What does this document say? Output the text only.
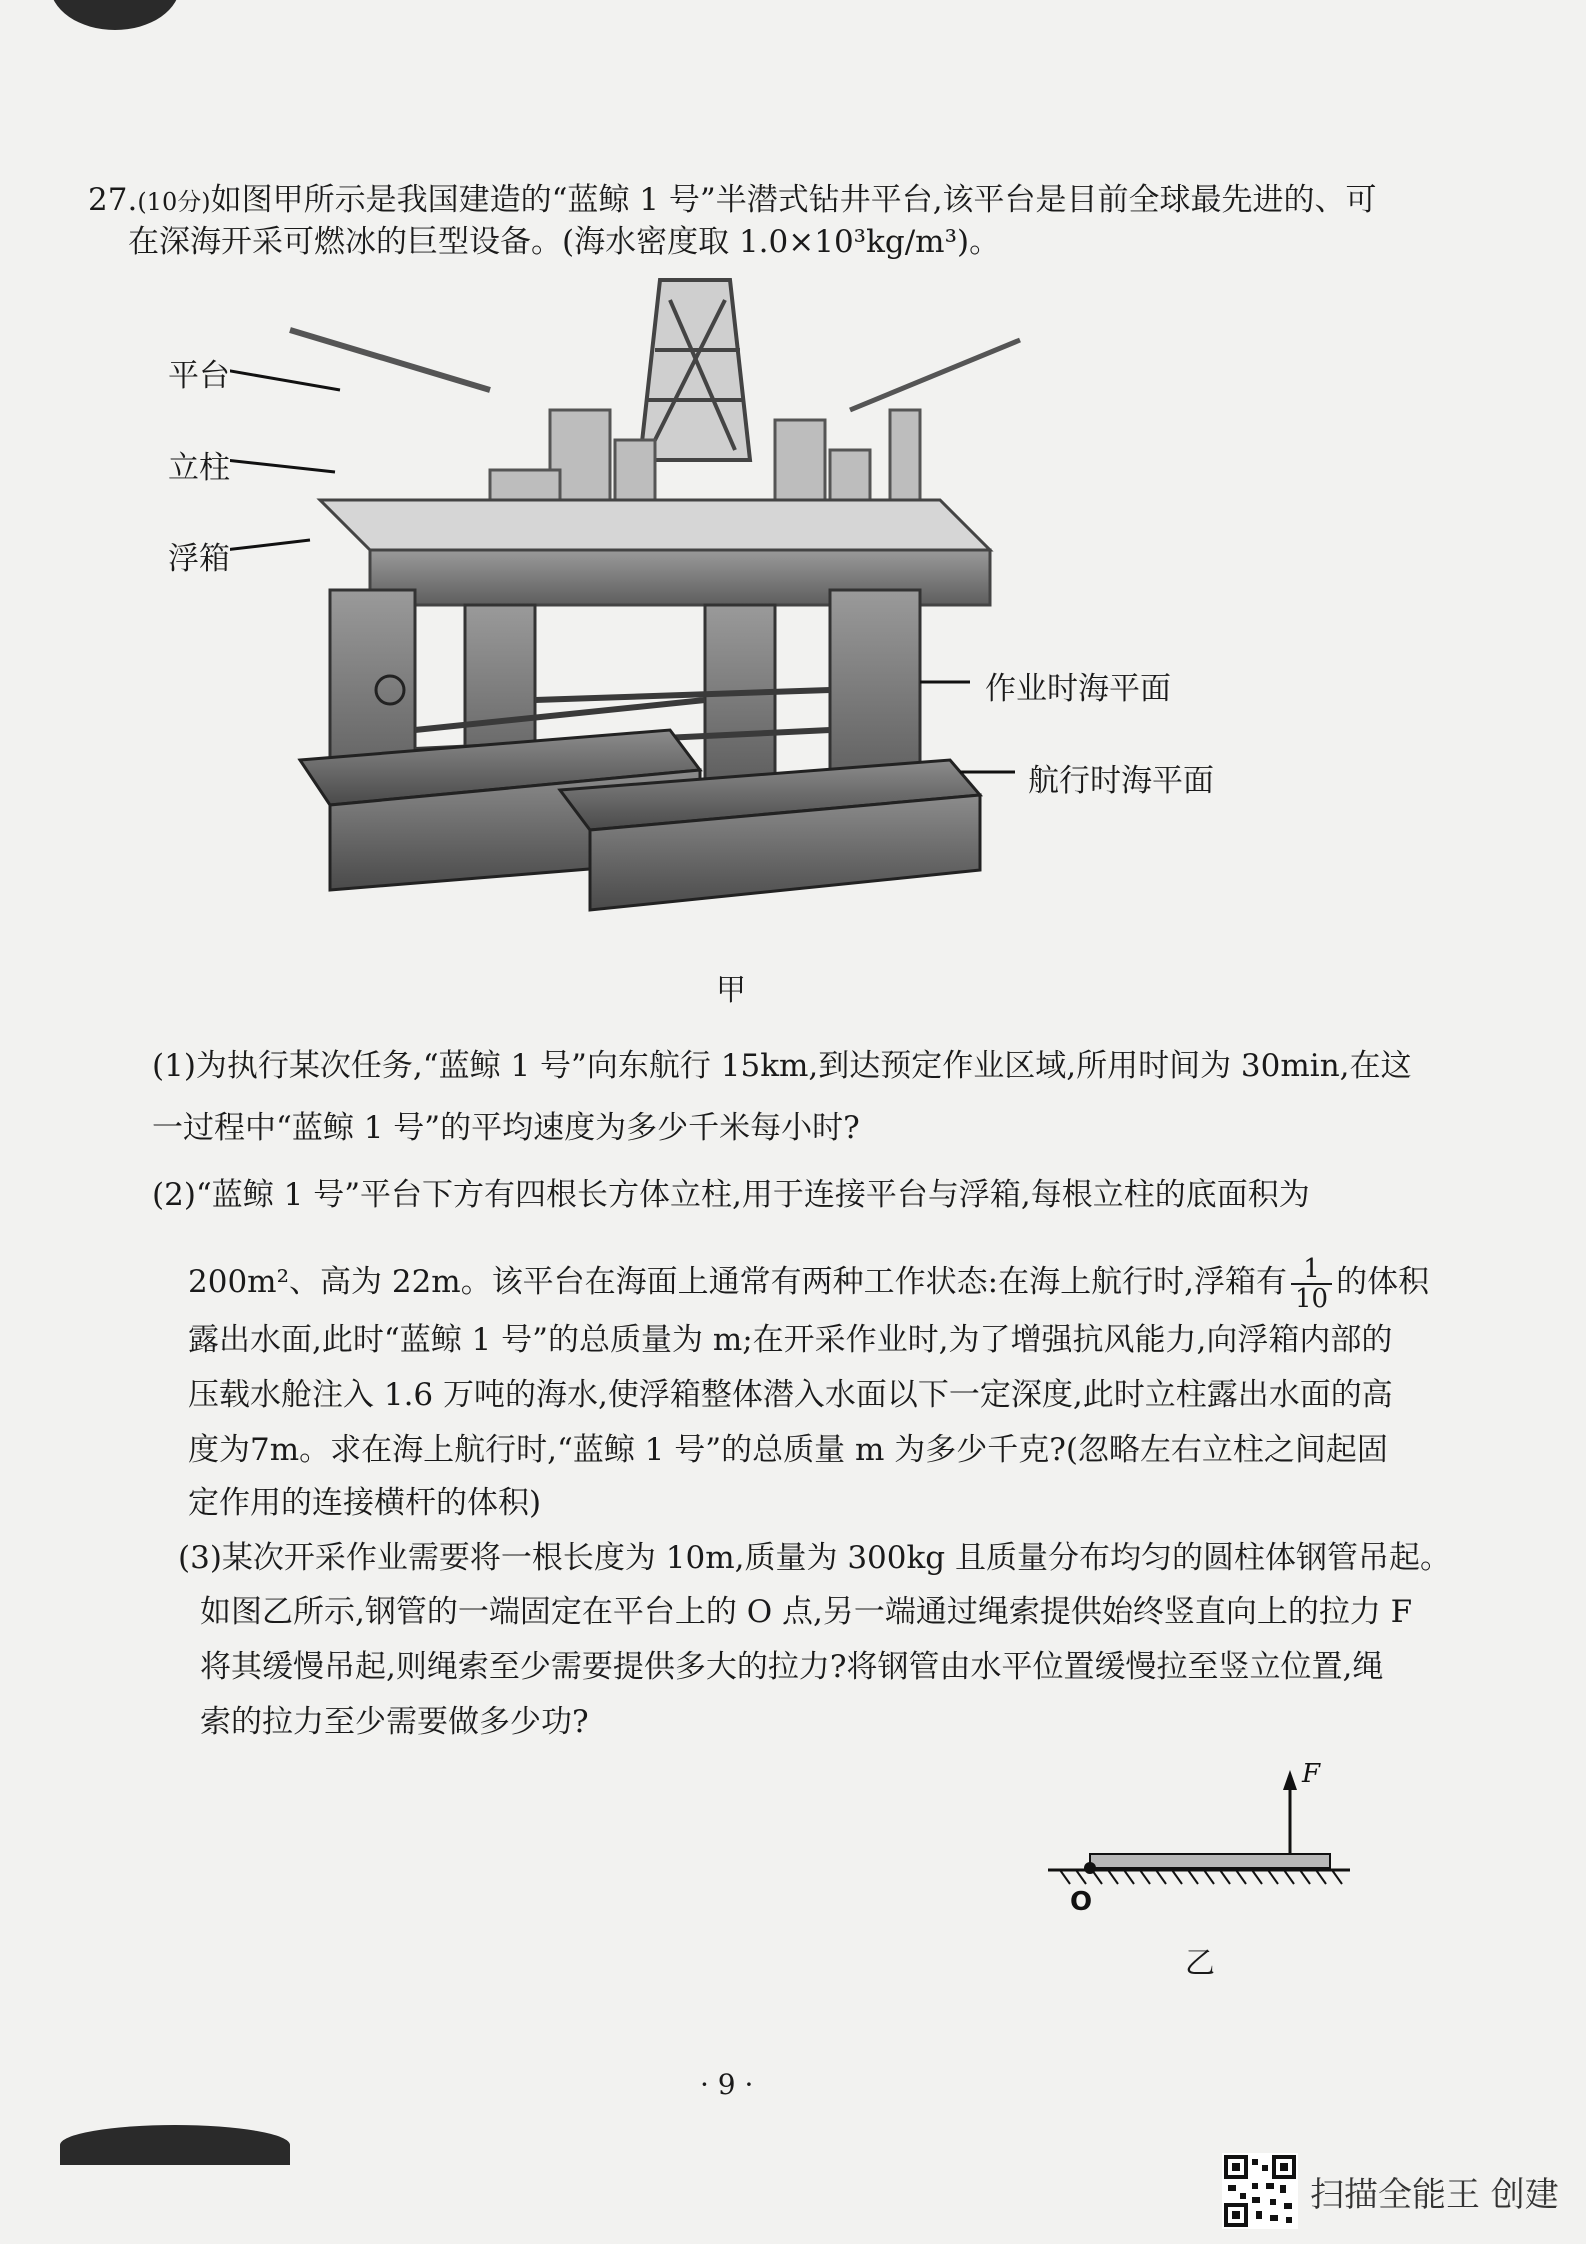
27.(10分)如图甲所示是我国建造的“蓝鲸 1 号”半潜式钻井平台,该平台是目前全球最先进的、可
在深海开采可燃冰的巨型设备。(海水密度取 1.0×10³kg/m³)。
平台
立柱
浮箱
作业时海平面
航行时海平面
甲
(1)为执行某次任务,“蓝鲸 1 号”向东航行 15km,到达预定作业区域,所用时间为 30min,在这
一过程中“蓝鲸 1 号”的平均速度为多少千米每小时?
(2)“蓝鲸 1 号”平台下方有四根长方体立柱,用于连接平台与浮箱,每根立柱的底面积为
200m²、高为 22m。该平台在海面上通常有两种工作状态:在海上航行时,浮箱有 $\frac{1}{10}$ 的体积
露出水面,此时“蓝鲸 1 号”的总质量为 m;在开采作业时,为了增强抗风能力,向浮箱内部的
压载水舱注入 1.6 万吨的海水,使浮箱整体潜入水面以下一定深度,此时立柱露出水面的高
度为7m。求在海上航行时,“蓝鲸 1 号”的总质量 m 为多少千克?(忽略左右立柱之间起固
定作用的连接横杆的体积)
(3)某次开采作业需要将一根长度为 10m,质量为 300kg 且质量分布均匀的圆柱体钢管吊起。
如图乙所示,钢管的一端固定在平台上的 O 点,另一端通过绳索提供始终竖直向上的拉力 F
将其缓慢吊起,则绳索至少需要提供多大的拉力?将钢管由水平位置缓慢拉至竖立位置,绳
索的拉力至少需要做多少功?
F
O
乙
· 9 ·
扫描全能王 创建
